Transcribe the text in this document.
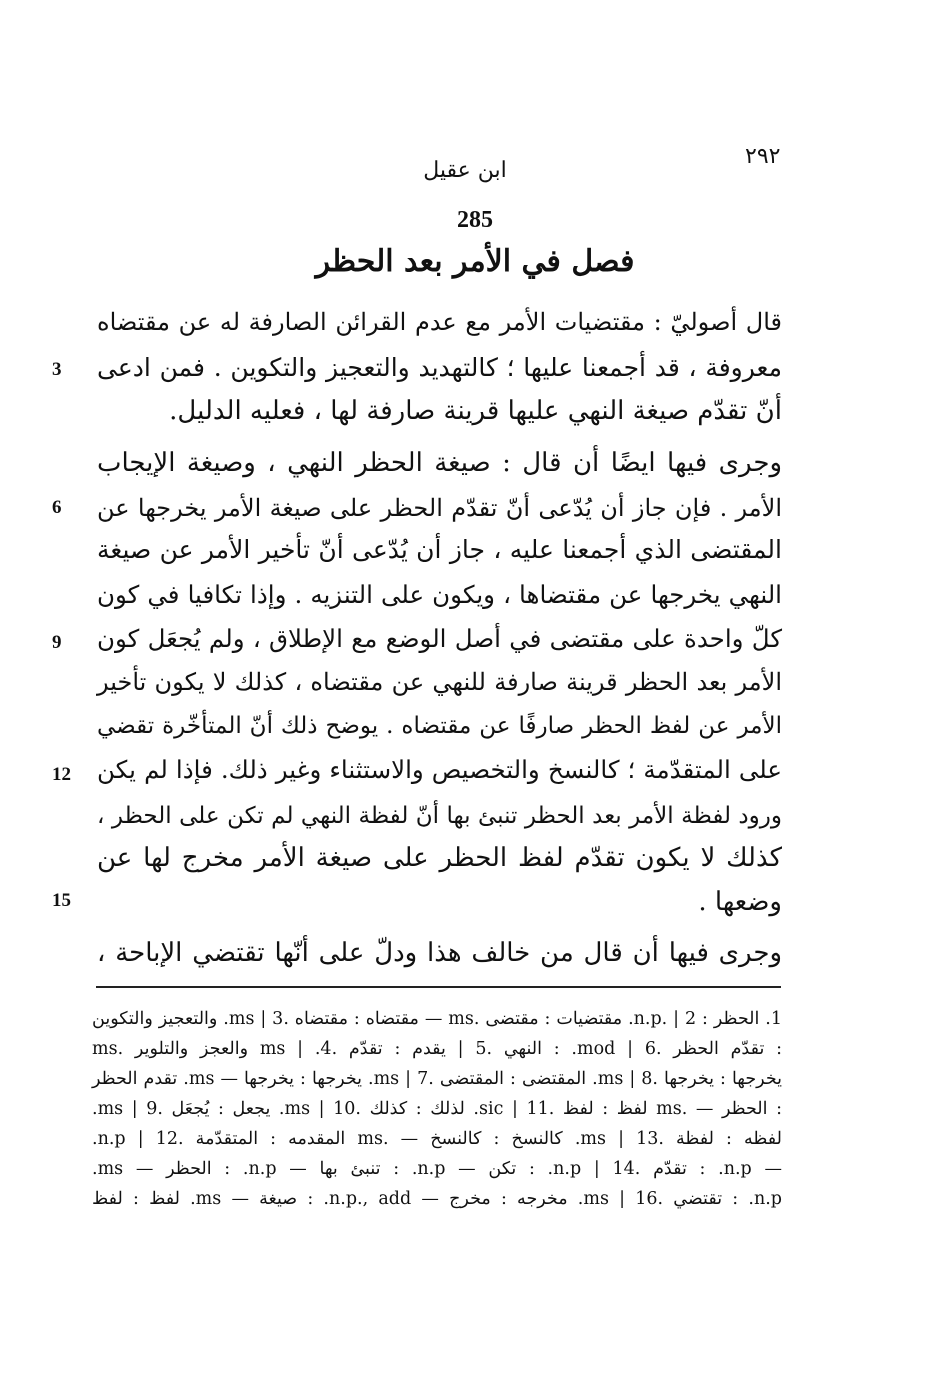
٢٩٢
ابن عقيل
285
فصل في الأمر بعد الحظر
قال أصوليّ : مقتضيات الأمر مع عدم القرائن الصارفة له عن مقتضاه
معروفة ، قد أجمعنا عليها ؛ كالتهديد والتعجيز والتكوين . فمن ادعى
أنّ تقدّم صيغة النهي عليها قرينة صارفة لها ، فعليه الدليل.
وجرى فيها ايضًا أن قال : صيغة الحظر النهي ، وصيغة الإيجاب
الأمر . فإن جاز أن يُدّعى أنّ تقدّم الحظر على صيغة الأمر يخرجها عن
المقتضى الذي أجمعنا عليه ، جاز أن يُدّعى أنّ تأخير الأمر عن صيغة
النهي يخرجها عن مقتضاها ، ويكون على التنزيه . وإذا تكافيا في كون
كلّ واحدة على مقتضى في أصل الوضع مع الإطلاق ، ولم يُجعَل كون
الأمر بعد الحظر قرينة صارفة للنهي عن مقتضاه ، كذلك لا يكون تأخير
الأمر عن لفظ الحظر صارفًا عن مقتضاه . يوضح ذلك أنّ المتأخّرة تقضي
على المتقدّمة ؛ كالنسخ والتخصيص والاستثناء وغير ذلك. فإذا لم يكن
ورود لفظة الأمر بعد الحظر تنبئ بها أنّ لفظة النهي لم تكن على الحظر ،
كذلك لا يكون تقدّم لفظ الحظر على صيغة الأمر مخرج لها عن
وضعها .
وجرى فيها أن قال من خالف هذا ودلّ على أنّها تقتضي الإباحة ،
3
6
9
12
15
1. الحظر : n.p. | 2. مقتضيات : مقتضى .ms — مقتضاه : مقتضاه .ms | 3. والتعجيز والتكوين
: تقدّم الحظر .6 | mod. : النهي .5 | يقدم : تقدّم .ms | .4 والعجز والتلوير .ms
يخرجها : يخرجها .8 | ms. المقتضى : المقتضى .7 | ms. يخرجها : يخرجها — ms. تقدم الحظر
: الحظر — .ms لفظ : لفظ .11 | sic. لذلك : كذلك .10 | ms. يجعل : يُجعَل .9 | ms.
لفظه : لفظة .13 | ms. كالنسخ : كالنسخ — .ms المقدمه : المتقدّمة .12 | n.p.
— n.p. : تقدّم .14 | n.p. : تكن — n.p. : تنبئ بها — n.p. : الحظر — ms.
n.p. : تقتضي .16 | ms. مخرجه : مخرج — n.p., add. : صيغة — ms. لفظ : لفظ
